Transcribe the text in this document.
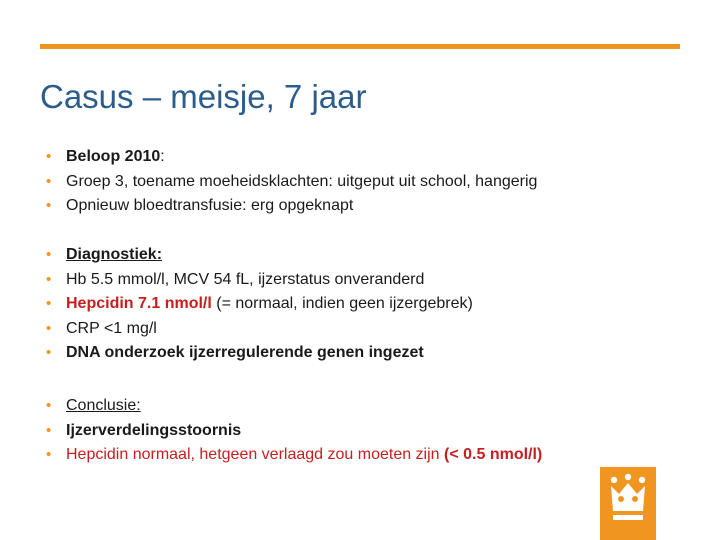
Casus – meisje, 7 jaar
• Beloop 2010:
• Groep 3, toename moeheidsklachten: uitgeput uit school, hangerig
• Opnieuw bloedtransfusie: erg opgeknapt
• Diagnostiek:
• Hb 5.5 mmol/l, MCV 54 fL, ijzerstatus onveranderd
• Hepcidin 7.1 nmol/l (= normaal, indien geen ijzergebrek)
• CRP <1 mg/l
• DNA onderzoek ijzerregulerende genen ingezet
• Conclusie:
• Ijzerverdelingsstoornis
• Hepcidin normaal, hetgeen verlaagd zou moeten zijn (< 0.5 nmol/l)
